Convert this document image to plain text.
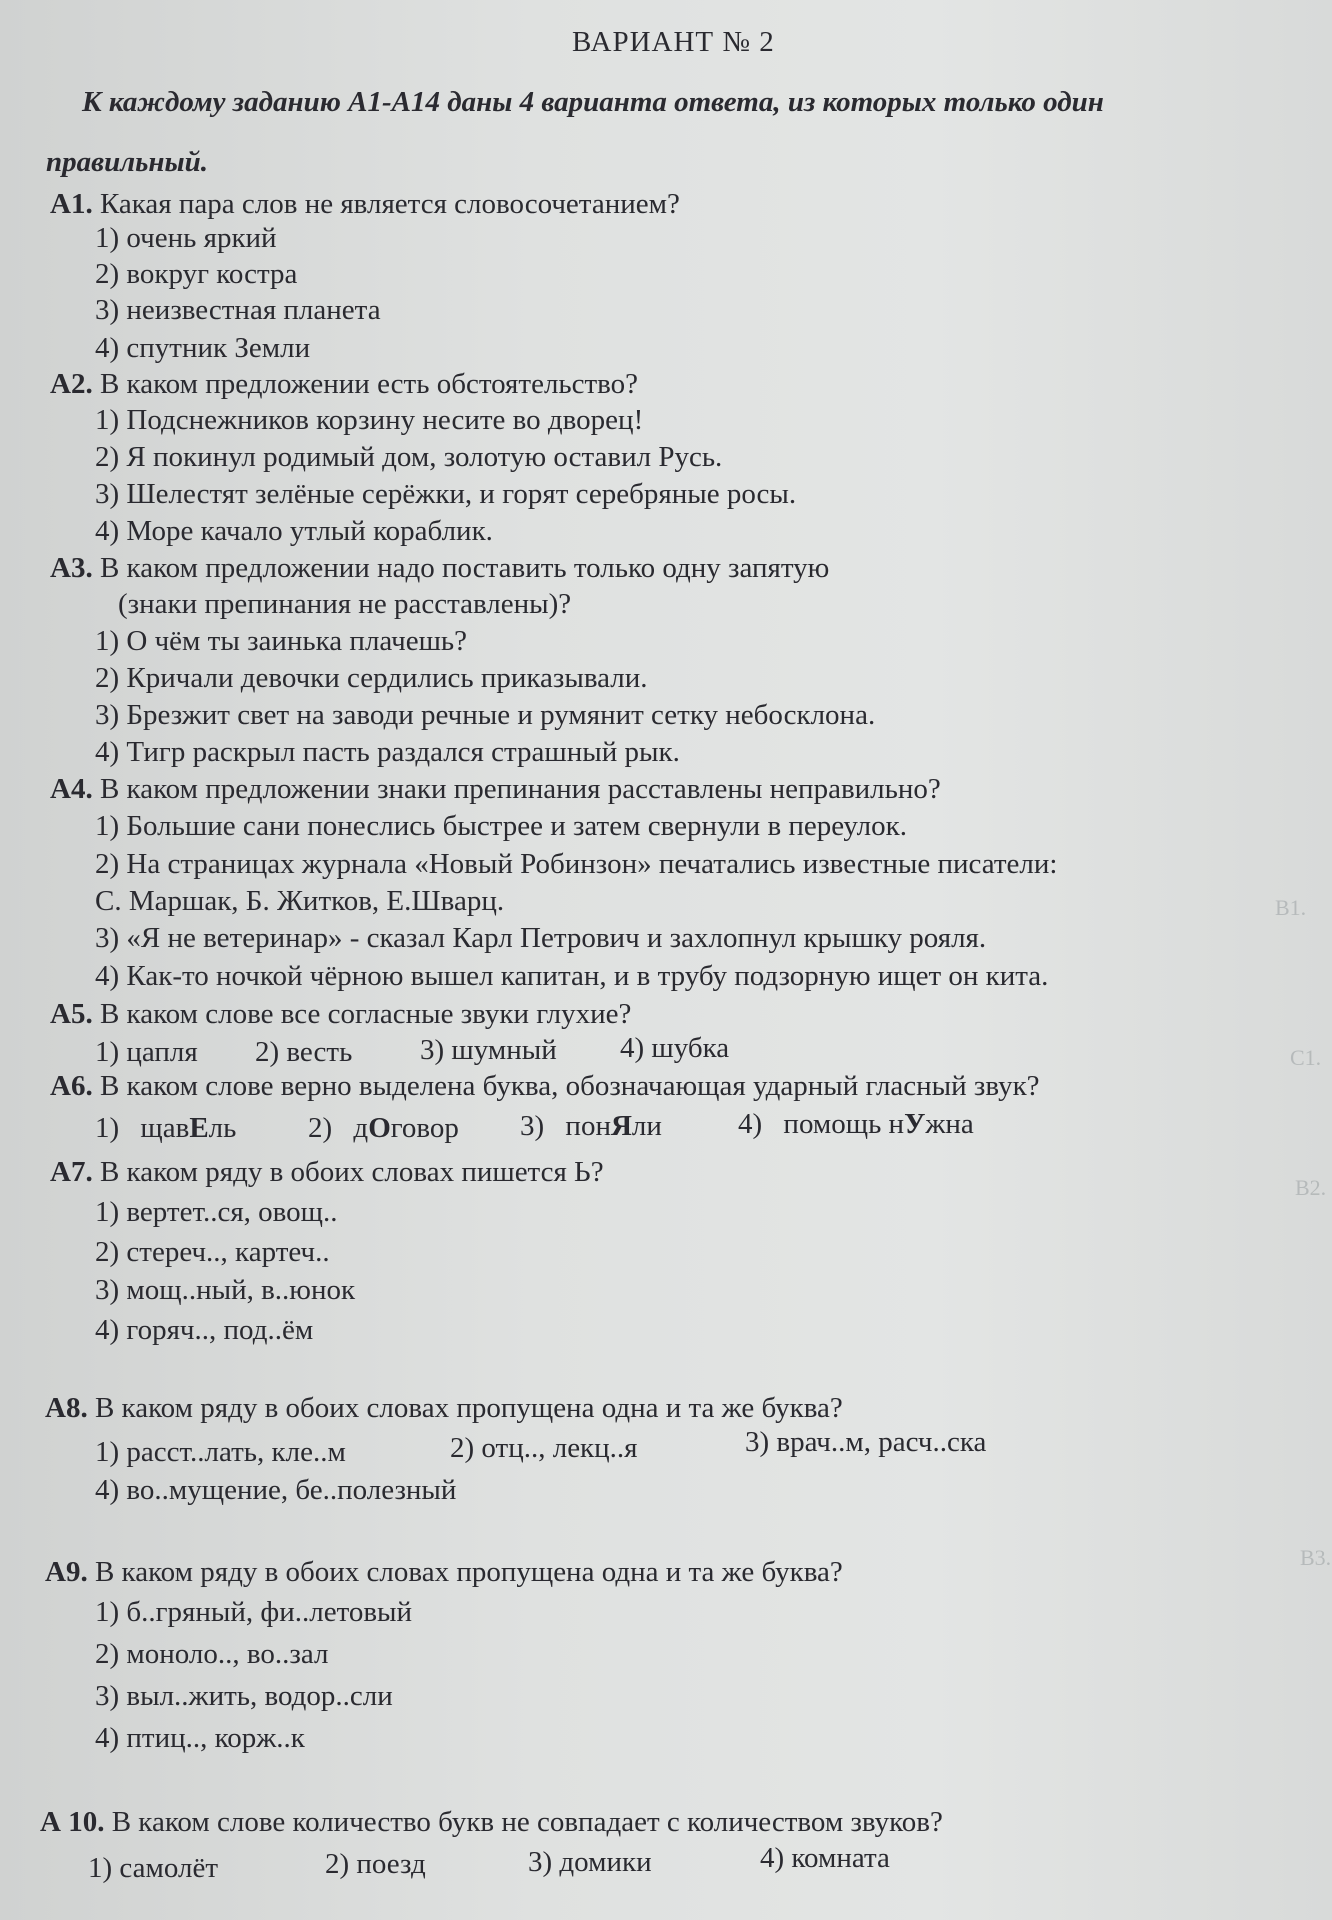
В1.
С1.
В2.
В3.
ВАРИАНТ № 2
К каждому заданию А1-А14 даны 4 варианта ответа, из которых только один
правильный.
А1. Какая пара слов не является словосочетанием?
1) очень яркий
2) вокруг костра
3) неизвестная планета
4) спутник Земли
А2. В каком предложении есть обстоятельство?
1) Подснежников корзину несите во дворец!
2) Я покинул родимый дом, золотую оставил Русь.
3) Шелестят зелёные серёжки, и горят серебряные росы.
4) Море качало утлый кораблик.
А3. В каком предложении надо поставить только одну запятую
(знаки препинания не расставлены)?
1) О чём ты заинька плачешь?
2) Кричали девочки сердились приказывали.
3) Брезжит свет на заводи речные и румянит сетку небосклона.
4) Тигр раскрыл пасть раздался страшный рык.
А4. В каком предложении знаки препинания расставлены неправильно?
1) Большие сани понеслись быстрее и затем свернули в переулок.
2) На страницах журнала «Новый Робинзон» печатались известные писатели:
С. Маршак, Б. Житков, Е.Шварц.
3) «Я не ветеринар» - сказал Карл Петрович и захлопнул крышку рояля.
4) Как-то ночкой чёрною вышел капитан, и в трубу подзорную ищет он кита.
А5. В каком слове все согласные звуки глухие?
1) цапля 2) весть 3) шумный 4) шубка
А6. В каком слове верно выделена буква, обозначающая ударный гласный звук?
1) щавЕль 2) дОговор 3) понЯли	4) помощь нУжна
А7. В каком ряду в обоих словах пишется Ь?
1) вертет..ся, овощ..
2) стереч.., картеч..
3) мощ..ный, в..юнок
4) горяч.., под..ём
А8. В каком ряду в обоих словах пропущена одна и та же буква?
1) расст..лать, кле..м	2) отц.., лекц..я	3) врач..м, расч..ска
4) во..мущение, бе..полезный
А9. В каком ряду в обоих словах пропущена одна и та же буква?
1) б..гряный, фи..летовый
2) моноло.., во..зал
3) выл..жить, водор..сли
4) птиц.., корж..к
А 10. В каком слове количество букв не совпадает с количеством звуков?
1) самолёт	2) поезд	3) домики	4) комната
